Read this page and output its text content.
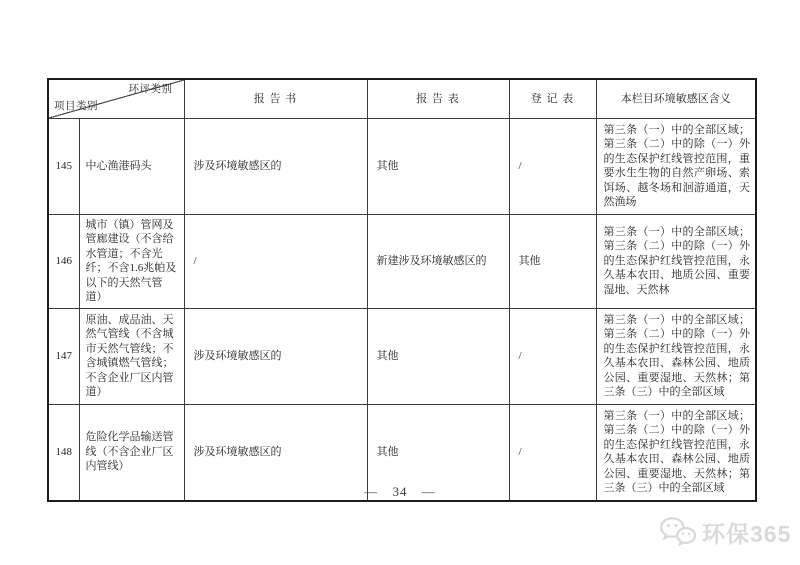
环评类别
项目类别		报 告 书	报 告 表	登 记 表	本栏目环境敏感区含义
145	中心渔港码头	涉及环境敏感区的	其他	/	第三条（一）中的全部区域；第三条（二）中的除（一）外的生态保护红线管控范围，重要水生生物的自然产卵场、索饵场、越冬场和洄游通道，天然渔场
146	城市（镇）管网及管廊建设（不含给水管道；不含光纤；不含1.6兆帕及以下的天然气管道）	/	新建涉及环境敏感区的	其他	第三条（一）中的全部区域；第三条（二）中的除（一）外的生态保护红线管控范围，永久基本农田、地质公园、重要湿地、天然林
147	原油、成品油、天然气管线（不含城市天然气管线；不含城镇燃气管线；不含企业厂区内管道）	涉及环境敏感区的	其他	/	第三条（一）中的全部区域；第三条（二）中的除（一）外的生态保护红线管控范围，永久基本农田、森林公园、地质公园、重要湿地、天然林；第三条（三）中的全部区域
148	危险化学品输送管线（不含企业厂区内管线）	涉及环境敏感区的	其他	/	第三条（一）中的全部区域；第三条（二）中的除（一）外的生态保护红线管控范围，永久基本农田、森林公园、地质公园、重要湿地、天然林；第三条（三）中的全部区域
— 34 —
环保365
